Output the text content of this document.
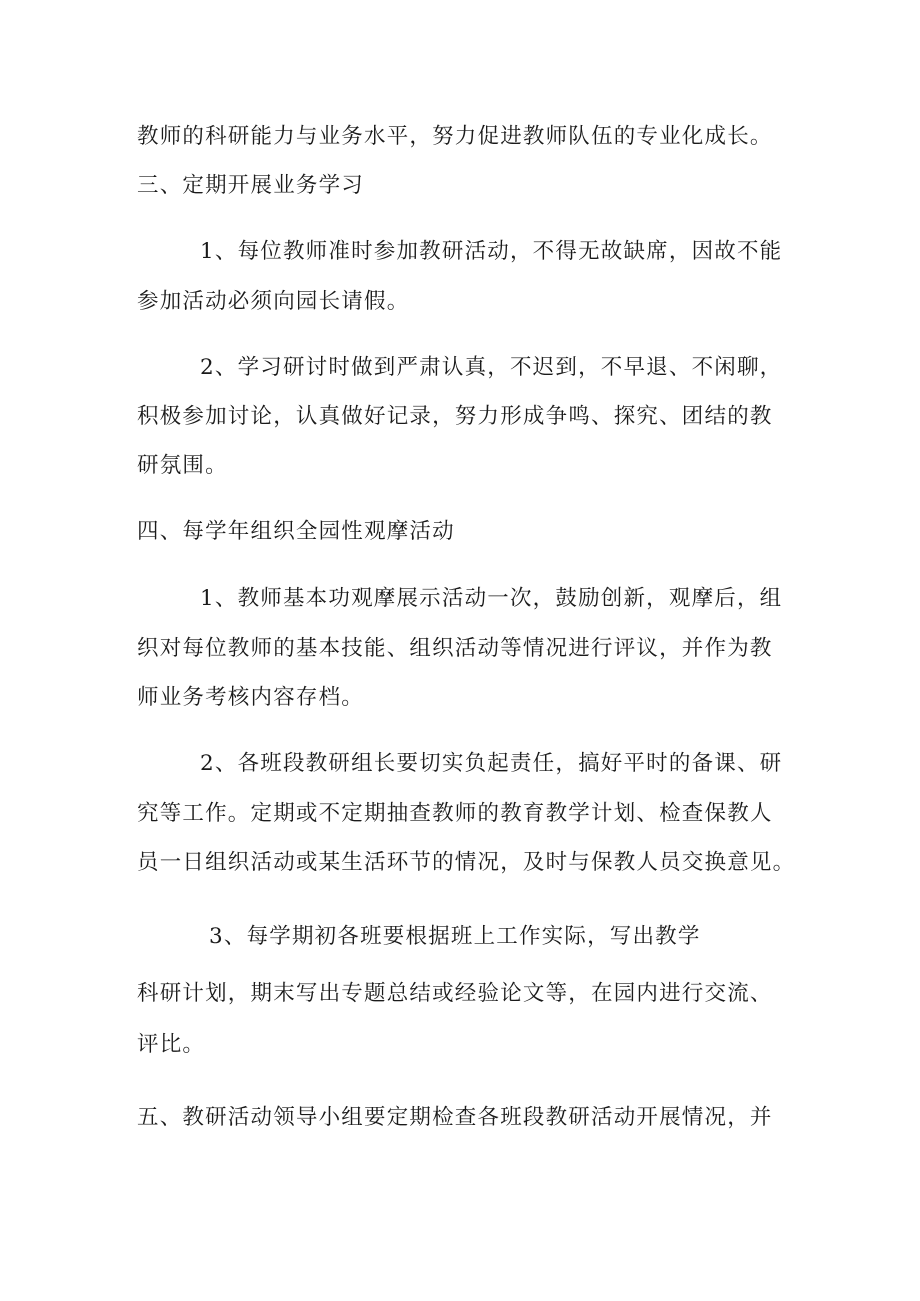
教师的科研能力与业务水平，努力促进教师队伍的专业化成长。
三、定期开展业务学习
1、每位教师准时参加教研活动，不得无故缺席，因故不能
参加活动必须向园长请假。
2、学习研讨时做到严肃认真，不迟到，不早退、不闲聊，
积极参加讨论，认真做好记录，努力形成争鸣、探究、团结的教
研氛围。
四、每学年组织全园性观摩活动
1、教师基本功观摩展示活动一次，鼓励创新，观摩后，组
织对每位教师的基本技能、组织活动等情况进行评议，并作为教
师业务考核内容存档。
2、各班段教研组长要切实负起责任，搞好平时的备课、研
究等工作。定期或不定期抽查教师的教育教学计划、检查保教人
员一日组织活动或某生活环节的情况，及时与保教人员交换意见。
3、每学期初各班要根据班上工作实际，写出教学
科研计划，期末写出专题总结或经验论文等，在园内进行交流、
评比。
五、教研活动领导小组要定期检查各班段教研活动开展情况，并
